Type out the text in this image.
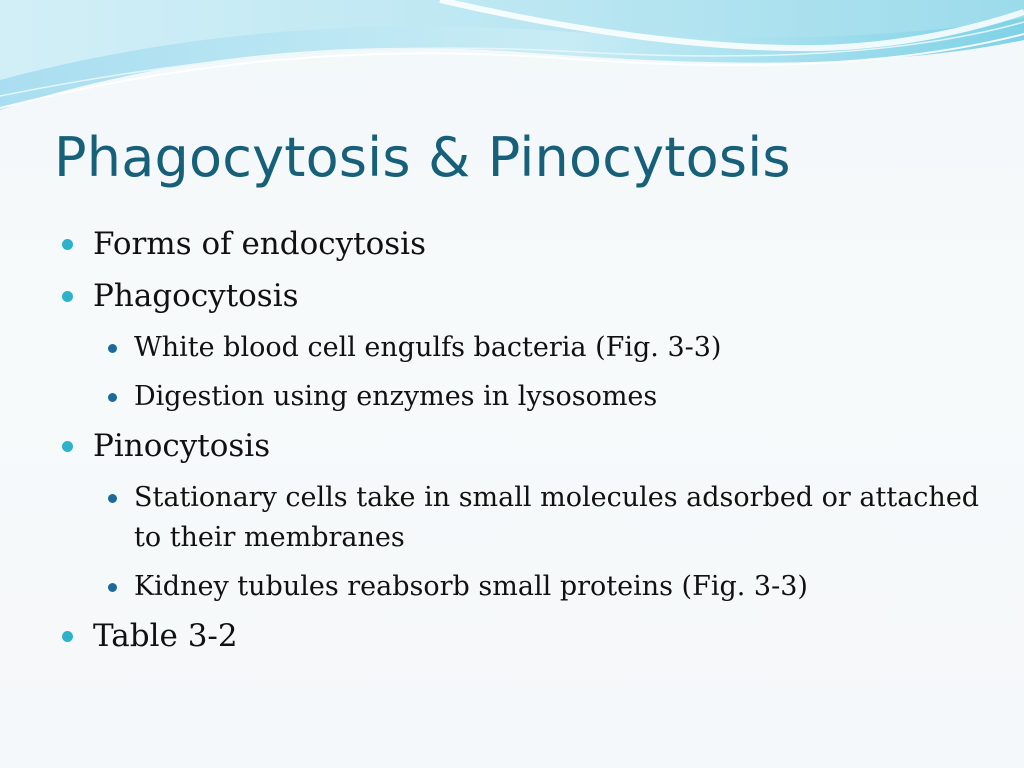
Phagocytosis & Pinocytosis
Forms of endocytosis
Phagocytosis
White blood cell engulfs bacteria (Fig. 3-3)
Digestion using enzymes in lysosomes
Pinocytosis
Stationary cells take in small molecules adsorbed or attached to their membranes
Kidney tubules reabsorb small proteins (Fig. 3-3)
Table 3-2
